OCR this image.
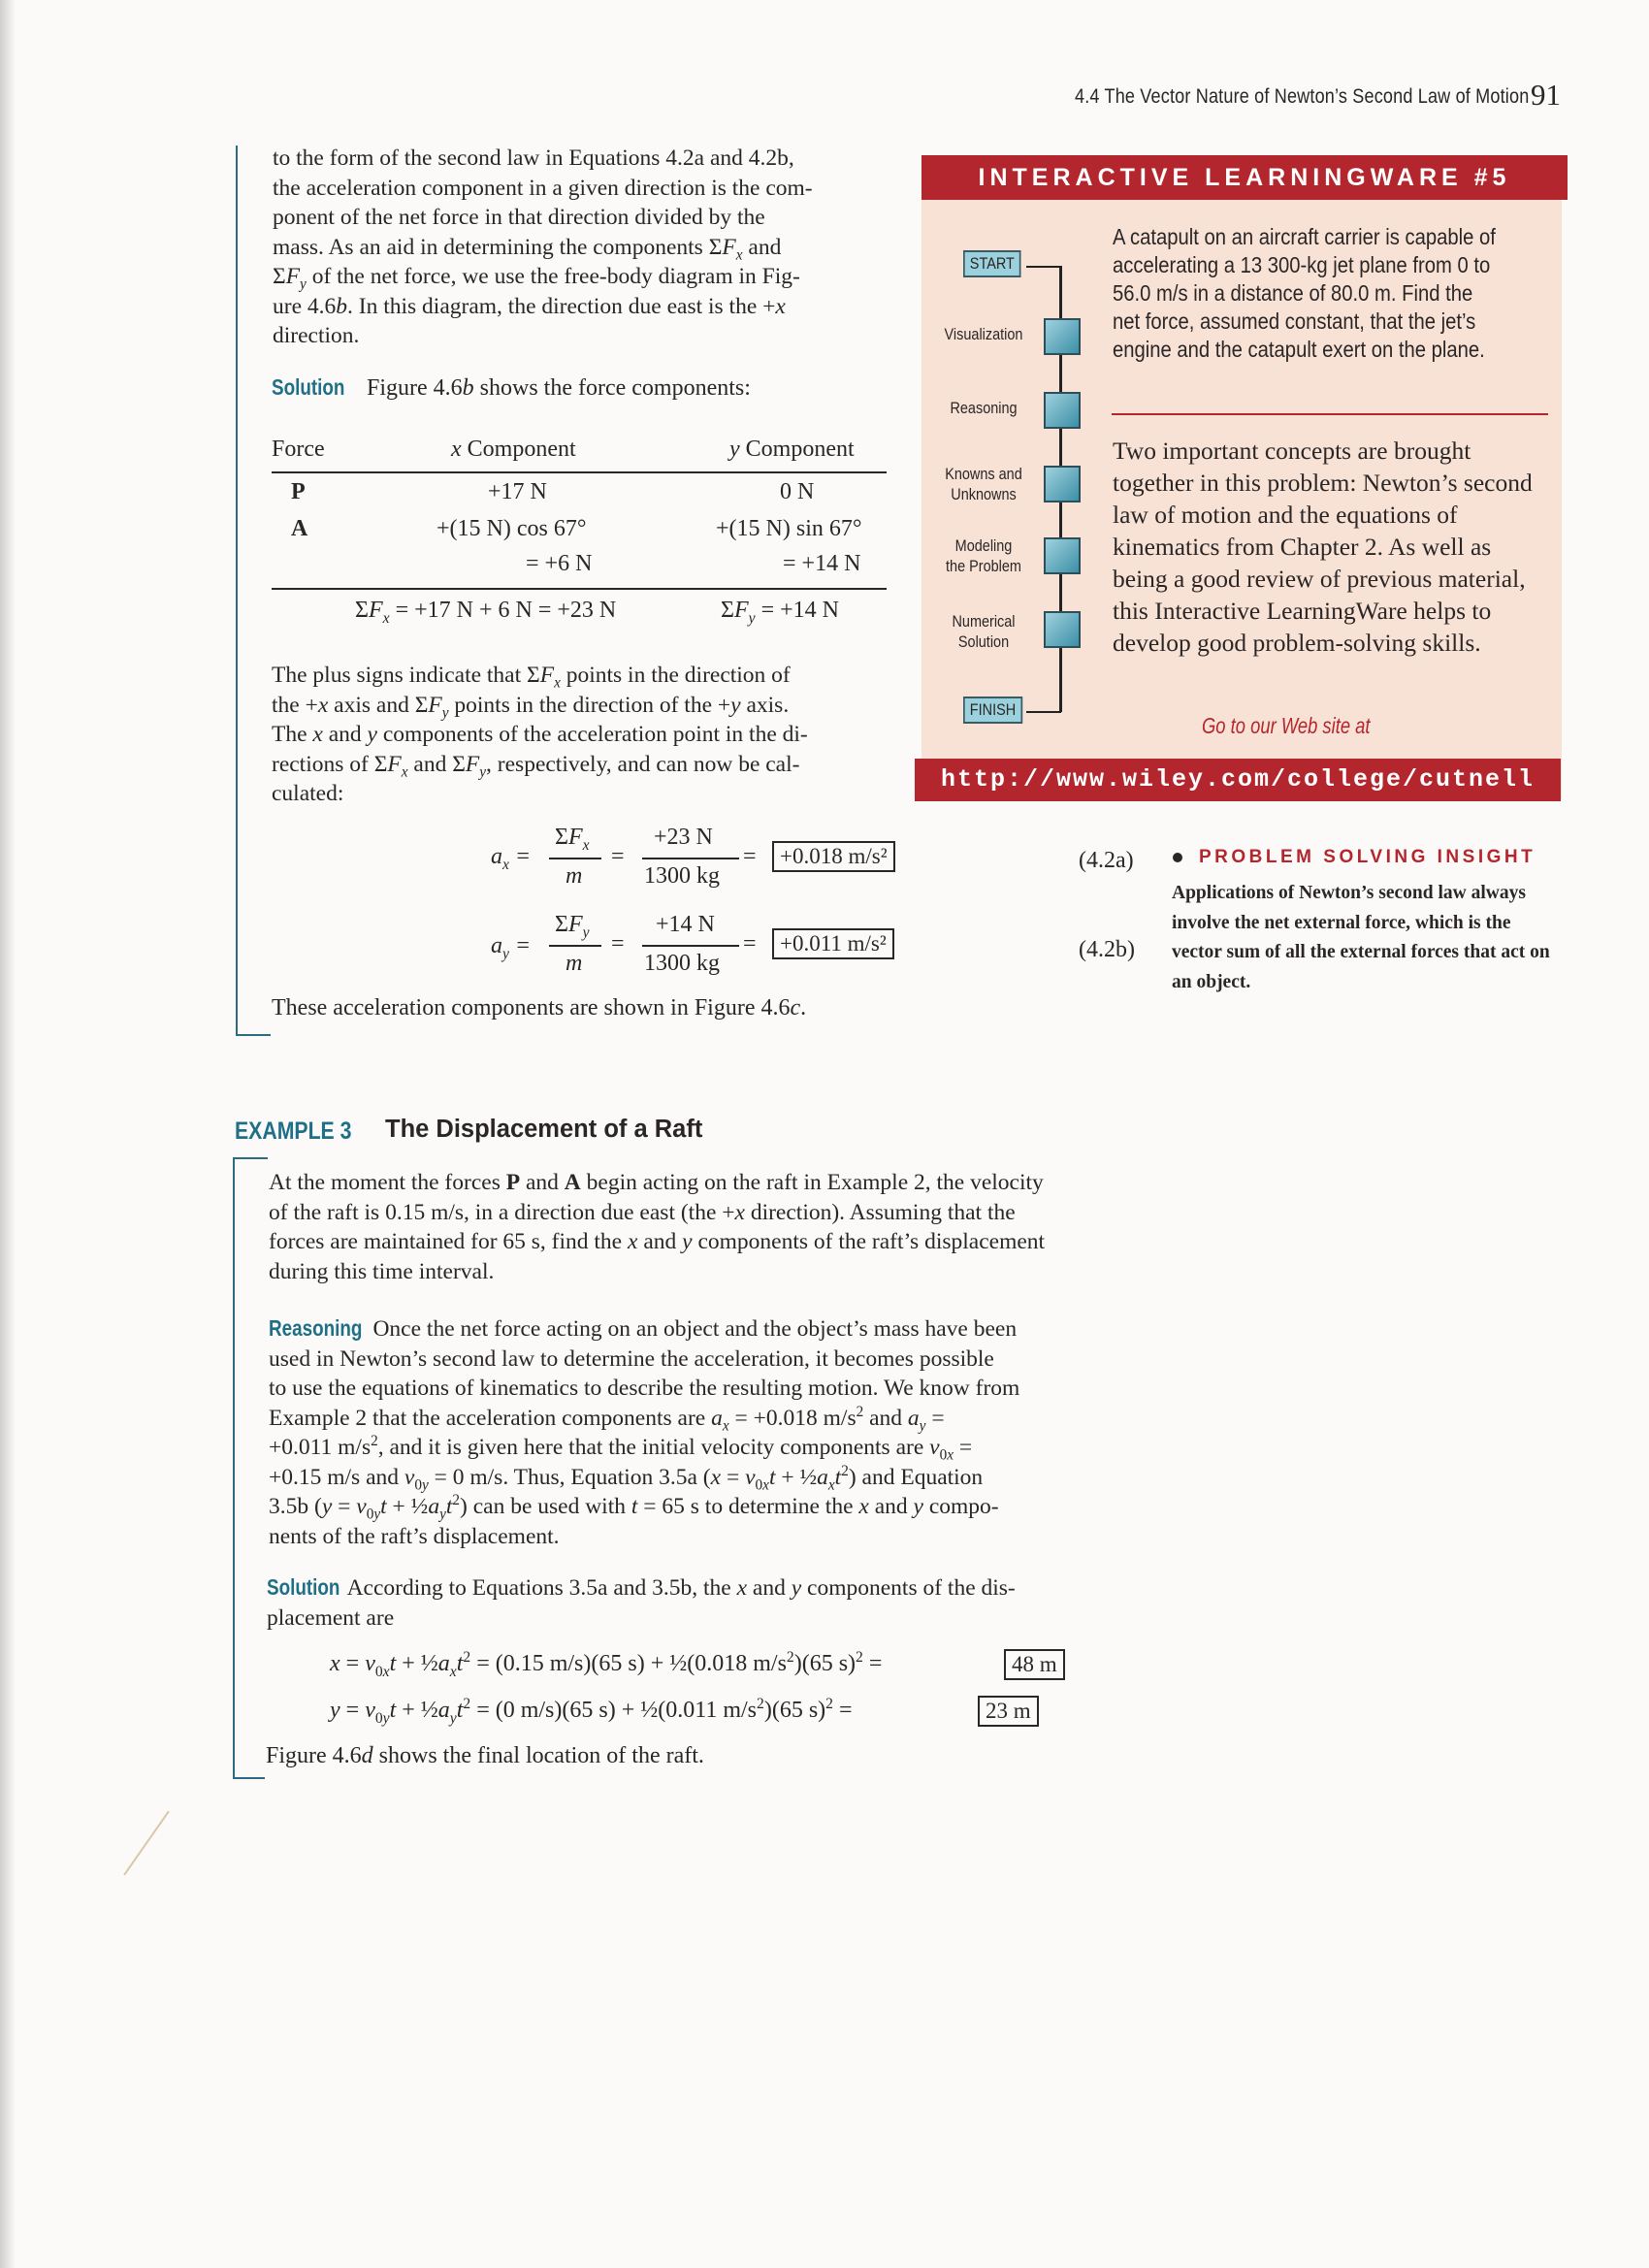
4.4 The Vector Nature of Newton’s Second Law of Motion 91
to the form of the second law in Equations 4.2a and 4.2b,
the acceleration component in a given direction is the com-
ponent of the net force in that direction divided by the
mass. As an aid in determining the components $\Sigma F_x$ and
$\Sigma F_y$ of the net force, we use the free-body diagram in Fig-
ure 4.6b. In this diagram, the direction due east is the +x
direction.
Solution Figure 4.6b shows the force components:
Force	x Component	y Component
P	+17 N	0 N
A	+(15 N) cos 67°	+(15 N) sin 67°
= +6 N	= +14 N
$\Sigma F_x = +17$ N + 6 N = +23 N	$\Sigma F_y = +14$ N
The plus signs indicate that $\Sigma F_x$ points in the direction of
the +x axis and $\Sigma F_y$ points in the direction of the +y axis.
The x and y components of the acceleration point in the di-
rections of $\Sigma F_x$ and $\Sigma F_y$, respectively, and can now be cal-
culated:
$a_x$ =
$\Sigma F_x$
m
=
+23 N
1300 kg
=	+0.018 m/s²	(4.2a)
$a_y$ =
$\Sigma F_y$
m
=
+14 N
1300 kg
=	+0.011 m/s²	(4.2b)
These acceleration components are shown in Figure 4.6c.
INTERACTIVE LEARNINGWARE #5
START
Visualization
Reasoning
Knowns and
Unknowns
Modeling
the Problem
Numerical
Solution
FINISH
A catapult on an aircraft carrier is capable of accelerating a 13 300-kg jet plane from 0 to 56.0 m/s in a distance of 80.0 m. Find the net force, assumed constant, that the jet’s engine and the catapult exert on the plane.
Two important concepts are brought together in this problem: Newton’s second law of motion and the equations of kinematics from Chapter 2. As well as being a good review of previous material, this Interactive LearningWare helps to develop good problem-solving skills.
Go to our Web site at
http://www.wiley.com/college/cutnell
PROBLEM SOLVING INSIGHT
Applications of Newton’s second law always involve the net external force, which is the vector sum of all the external forces that act on an object.
EXAMPLE 3 The Displacement of a Raft
At the moment the forces P and A begin acting on the raft in Example 2, the velocity
of the raft is 0.15 m/s, in a direction due east (the +x direction). Assuming that the
forces are maintained for 65 s, find the x and y components of the raft’s displacement
during this time interval.
Reasoning Once the net force acting on an object and the object’s mass have been
used in Newton’s second law to determine the acceleration, it becomes possible
to use the equations of kinematics to describe the resulting motion. We know from
Example 2 that the acceleration components are $a_x = +0.018$ $m/s^2$ and $a_y$ =
+0.011 $m/s^2$, and it is given here that the initial velocity components are $v_{0x}$ =
+0.15 m/s and $v_{0y} = 0$ m/s. Thus, Equation 3.5a ($x = v_{0x}t$ + $\frac{1}{2}a_xt^2$) and Equation
3.5b ($y = v_{0y}t$ + $\frac{1}{2}a_yt^2$) can be used with t = 65 s to determine the x and y compo-
nents of the raft’s displacement.
Solution According to Equations 3.5a and 3.5b, the x and y components of the dis-
placement are
$x = v_{0x}t$ + $\frac{1}{2}a_xt^2 = (0.15$ m/s)(65 s) + ½(0.018 $m/s^2)(65$ s)$^2$ =	48 m
$y = v_{0y}t$ + $\frac{1}{2}a_yt^2 = (0$ m/s)(65 s) + ½(0.011 $m/s^2)(65$ s)$^2$ =	23 m
Figure 4.6d shows the final location of the raft.
